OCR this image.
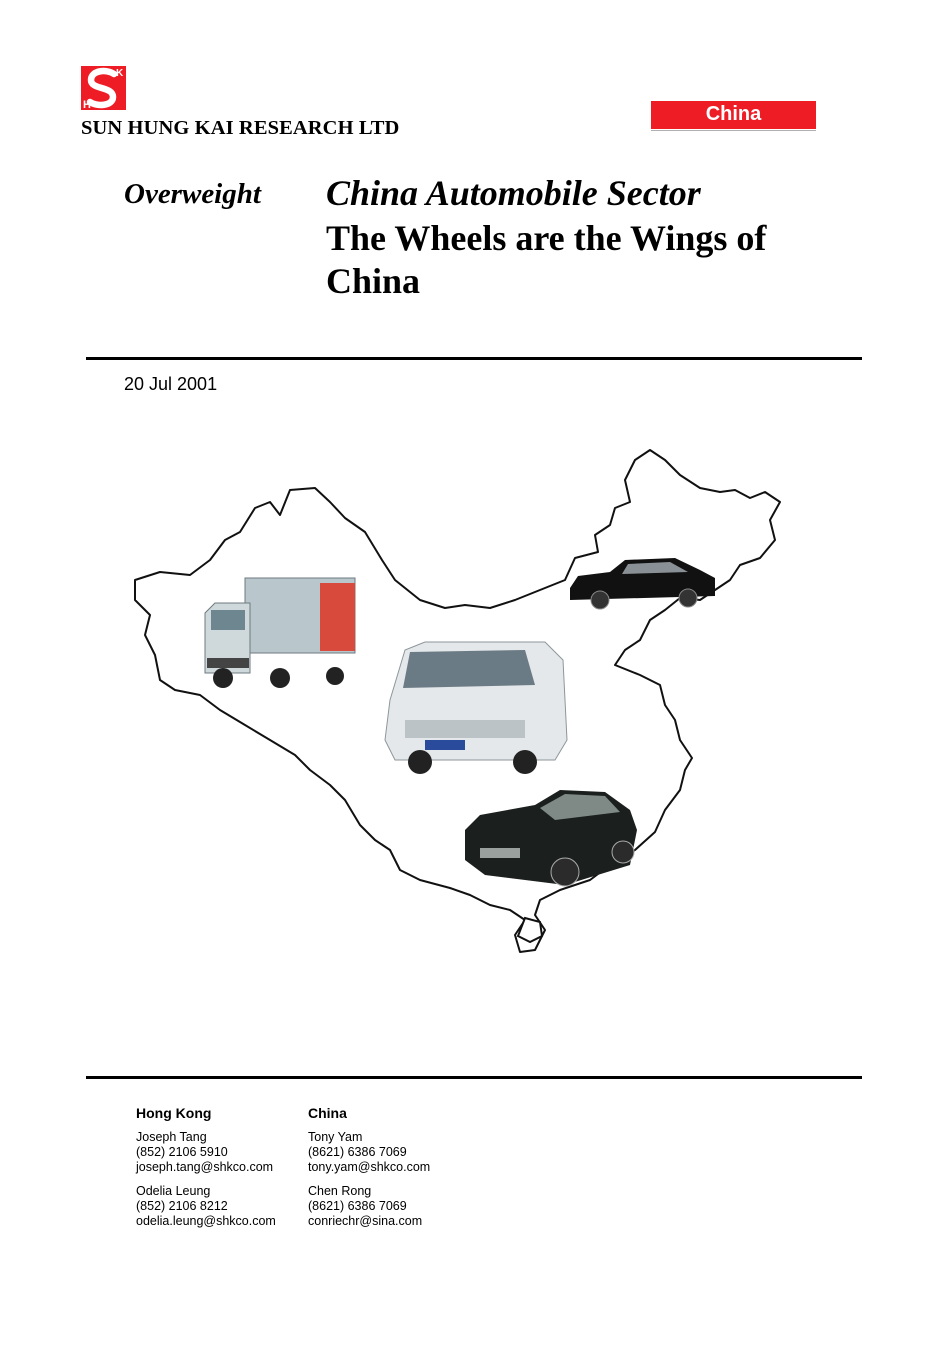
H
K
SUN HUNG KAI RESEARCH LTD
China
Overweight China Automobile Sector
The Wheels are the Wings of China
20 Jul 2001
Hong Kong	China
Joseph Tang
(852) 2106 5910
joseph.tang@shkco.com
Odelia Leung
(852) 2106 8212
odelia.leung@shkco.com
Tony Yam
(8621) 6386 7069
tony.yam@shkco.com
Chen Rong
(8621) 6386 7069
conriechr@sina.com
